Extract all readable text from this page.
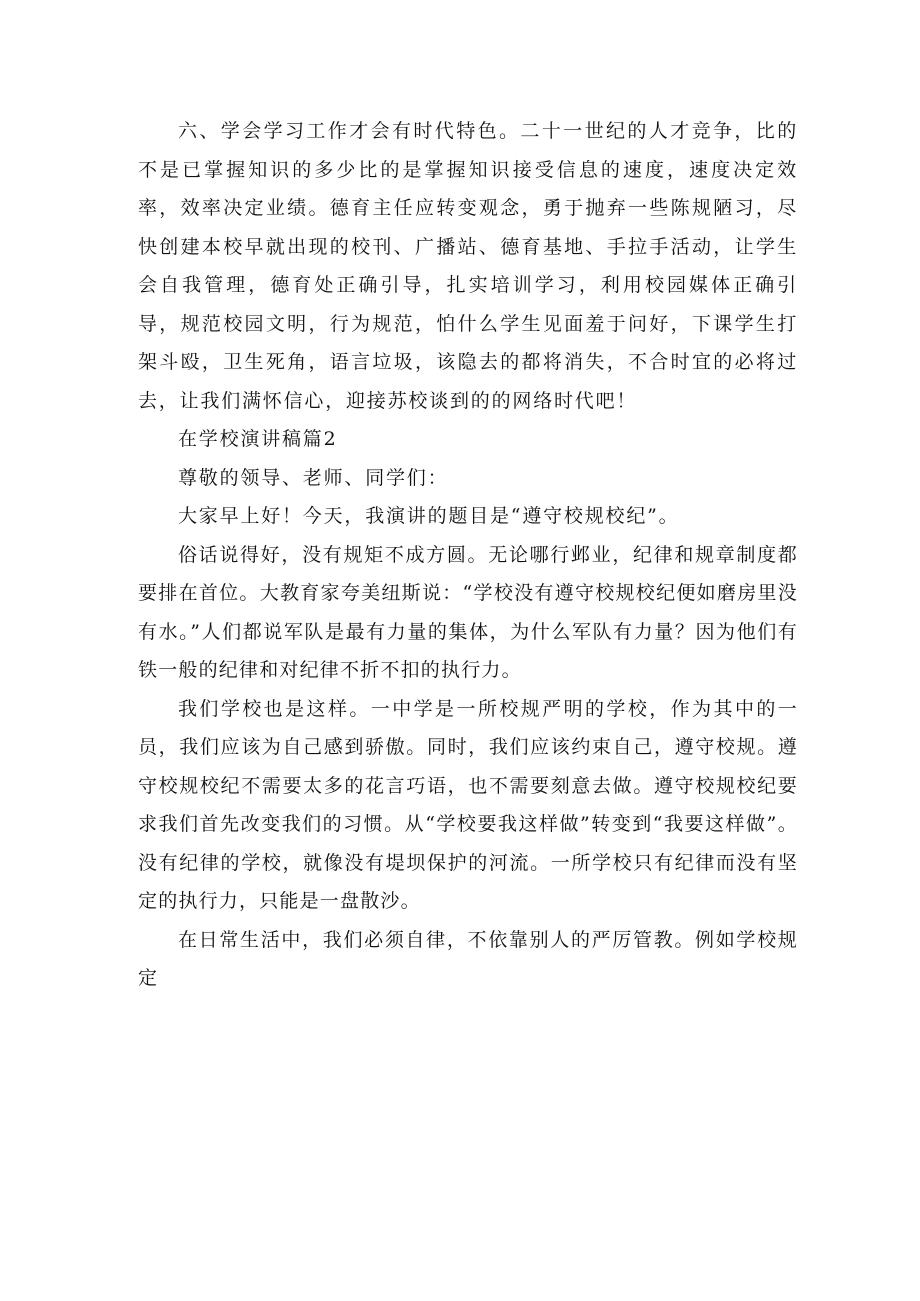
六、学会学习工作才会有时代特色。二十一世纪的人才竞争，比的不是已掌握知识的多少比的是掌握知识接受信息的速度，速度决定效率，效率决定业绩。德育主任应转变观念，勇于抛弃一些陈规陋习，尽快创建本校早就出现的校刊、广播站、德育基地、手拉手活动，让学生会自我管理，德育处正确引导，扎实培训学习，利用校园媒体正确引导，规范校园文明，行为规范，怕什么学生见面羞于问好，下课学生打架斗殴，卫生死角，语言垃圾，该隐去的都将消失，不合时宜的必将过去，让我们满怀信心，迎接苏校谈到的的网络时代吧！

在学校演讲稿篇2

尊敬的领导、老师、同学们：

大家早上好！今天，我演讲的题目是“遵守校规校纪”。

俗话说得好，没有规矩不成方圆。无论哪行邺业，纪律和规章制度都要排在首位。大教育家夸美纽斯说：“学校没有遵守校规校纪便如磨房里没有水。”人们都说军队是最有力量的集体，为什么军队有力量？因为他们有铁一般的纪律和对纪律不折不扣的执行力。

我们学校也是这样。一中学是一所校规严明的学校，作为其中的一员，我们应该为自己感到骄傲。同时，我们应该约束自己，遵守校规。遵守校规校纪不需要太多的花言巧语，也不需要刻意去做。遵守校规校纪要求我们首先改变我们的习惯。从“学校要我这样做”转变到“我要这样做”。没有纪律的学校，就像没有堤坝保护的河流。一所学校只有纪律而没有坚定的执行力，只能是一盘散沙。

在日常生活中，我们必须自律，不依靠别人的严厉管教。例如学校规定
